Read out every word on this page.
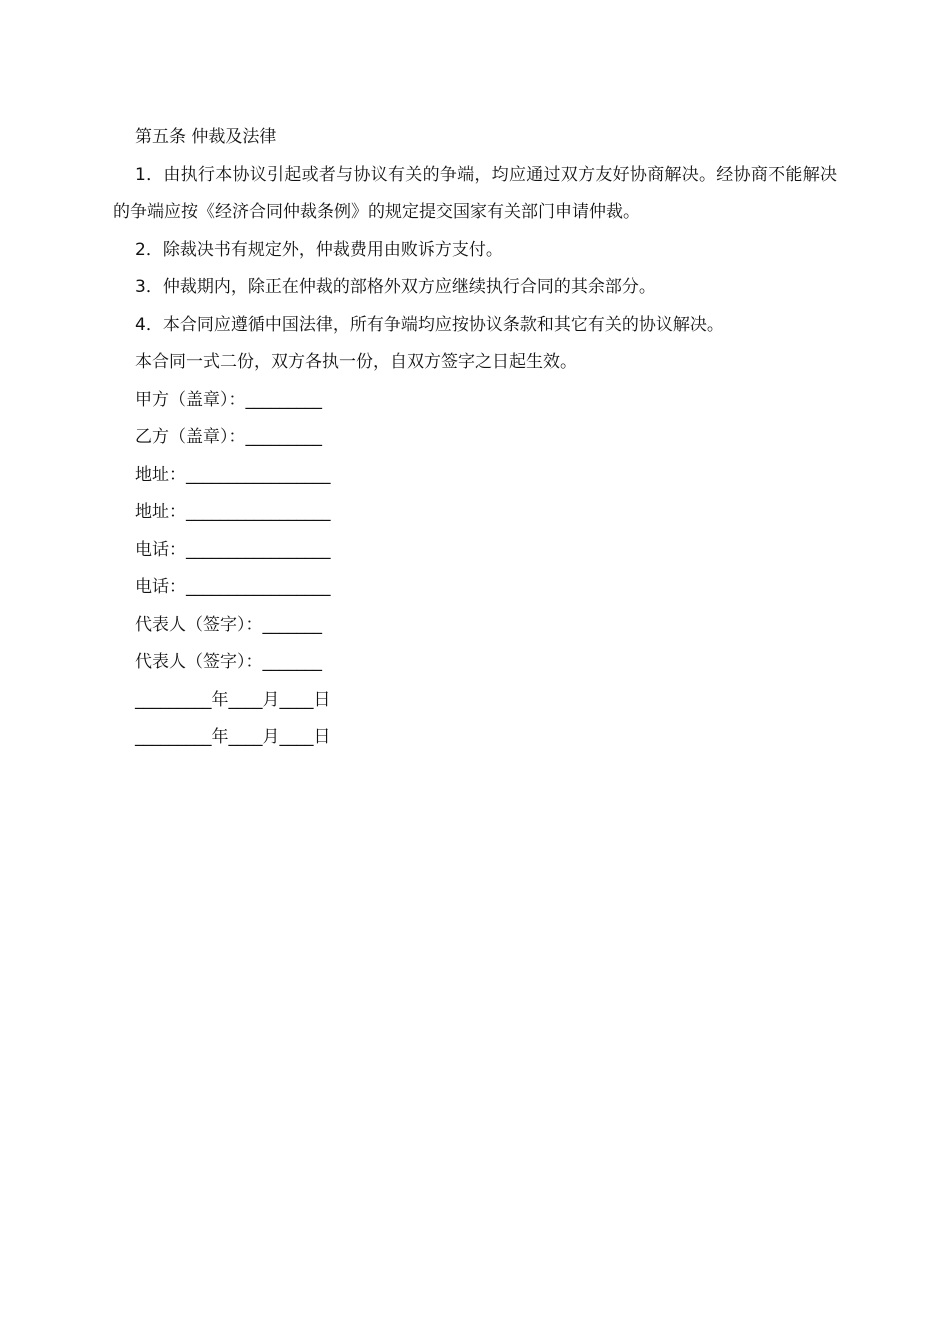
第五条 仲裁及法律

1．由执行本协议引起或者与协议有关的争端，均应通过双方友好协商解决。经协商不能解决的争端应按《经济合同仲裁条例》的规定提交国家有关部门申请仲裁。

2．除裁决书有规定外，仲裁费用由败诉方支付。

3．仲裁期内，除正在仲裁的部格外双方应继续执行合同的其余部分。

4．本合同应遵循中国法律，所有争端均应按协议条款和其它有关的协议解决。

本合同一式二份，双方各执一份，自双方签字之日起生效。

甲方（盖章）：_________

乙方（盖章）：_________

地址：_________________

地址：_________________

电话：_________________

电话：_________________

代表人（签字）：_______

代表人（签字）：_______

_________年____月____日

_________年____月____日
